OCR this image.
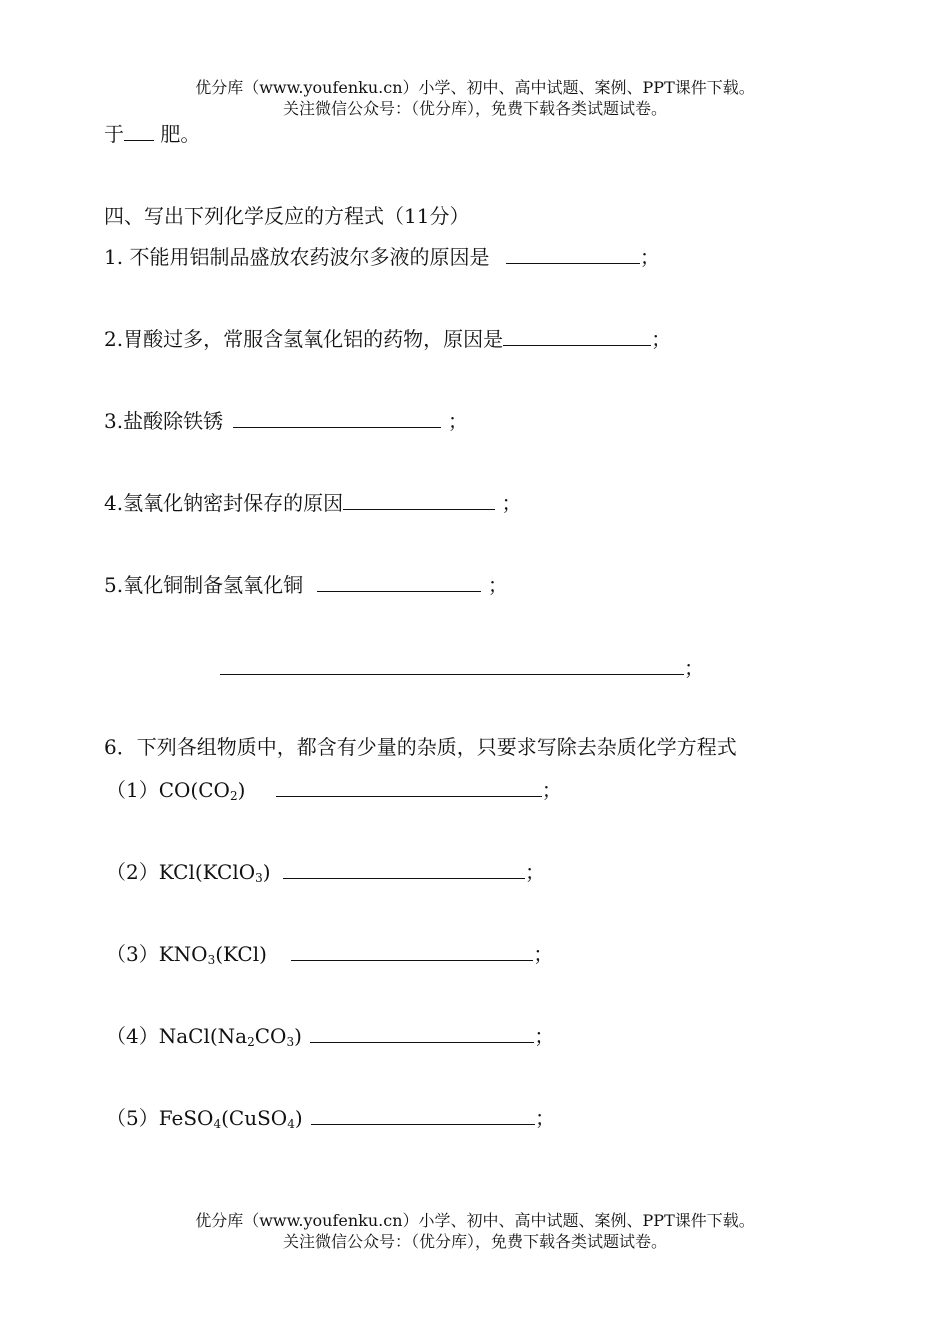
优分库（www.youfenku.cn）小学、初中、高中试题、案例、PPT课件下载。
关注微信公众号：（优分库），免费下载各类试题试卷。
于 肥。
四、写出下列化学反应的方程式（11分）
1. 不能用铝制品盛放农药波尔多液的原因是	；
2.胃酸过多，常服含氢氧化铝的药物，原因是	；
3.盐酸除铁锈	；
4.氢氧化钠密封保存的原因	；
5.氧化铜制备氢氧化铜	；
；
6．下列各组物质中，都含有少量的杂质，只要求写除去杂质化学方程式
$(1)CO(CO_2)$	；
（2）KCl(KClO$_3$)	；
$(3)KNO_3(KCl)$	；
$(4)NaCl(Na_2CO_3)$	；
（5）FeSO$_4$(CuSO$_4$)	；
优分库（www.youfenku.cn）小学、初中、高中试题、案例、PPT课件下载。
关注微信公众号：（优分库），免费下载各类试题试卷。
